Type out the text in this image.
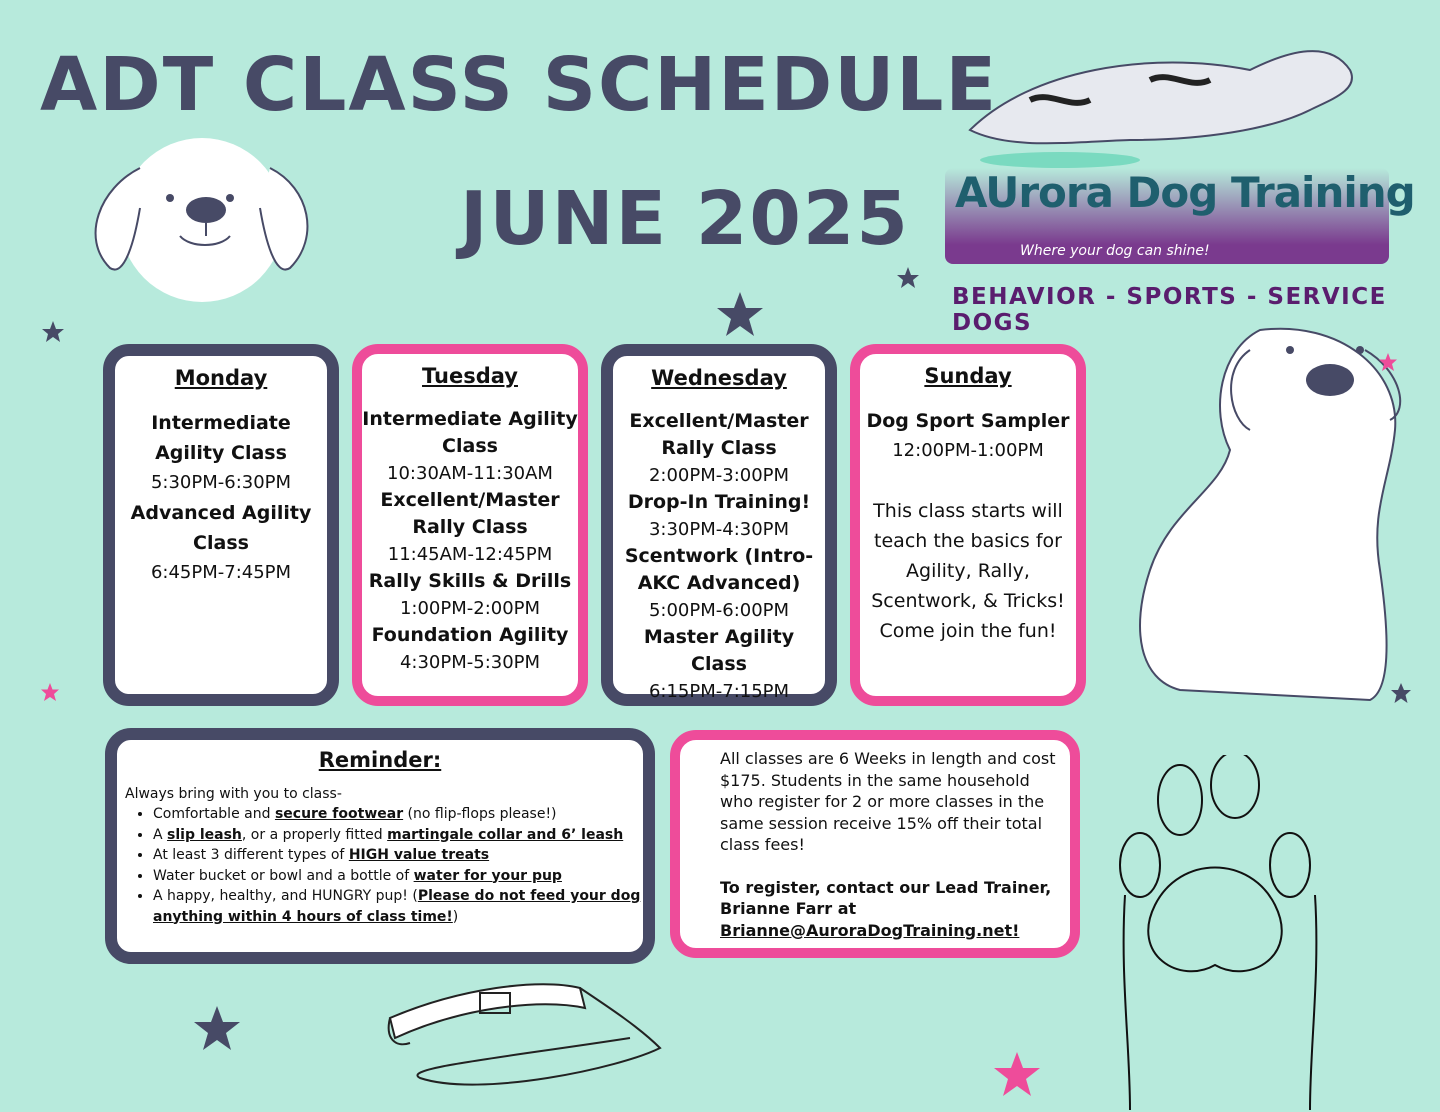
ADT CLASS SCHEDULE
JUNE 2025 AUrora Dog Training
Where your dog can shine!
BEHAVIOR - SPORTS - SERVICE DOGS
Monday
Intermediate Agility Class
5:30PM-6:30PM
Advanced Agility Class
6:45PM-7:45PM
Tuesday
Intermediate Agility Class
10:30AM-11:30AM
Excellent/Master Rally Class
11:45AM-12:45PM
Rally Skills & Drills
1:00PM-2:00PM
Foundation Agility
4:30PM-5:30PM
Wednesday
Excellent/Master Rally Class
2:00PM-3:00PM
Drop-In Training!
3:30PM-4:30PM
Scentwork (Intro-AKC Advanced)
5:00PM-6:00PM
Master Agility Class
6:15PM-7:15PM
Sunday
Dog Sport Sampler
12:00PM-1:00PM
This class starts will teach the basics for Agility, Rally, Scentwork, & Tricks! Come join the fun!
Reminder:
Always bring with you to class-
• Comfortable and secure footwear (no flip-flops please!)
• A slip leash, or a properly fitted martingale collar and 6’ leash
• At least 3 different types of HIGH value treats
• Water bucket or bowl and a bottle of water for your pup
• A happy, healthy, and HUNGRY pup! (Please do not feed your dog anything within 4 hours of class time!)

All classes are 6 Weeks in length and cost $175. Students in the same household who register for 2 or more classes in the same session receive 15% off their total class fees!

To register, contact our Lead Trainer, Brianne Farr at
Brianne@AuroraDogTraining.net!
